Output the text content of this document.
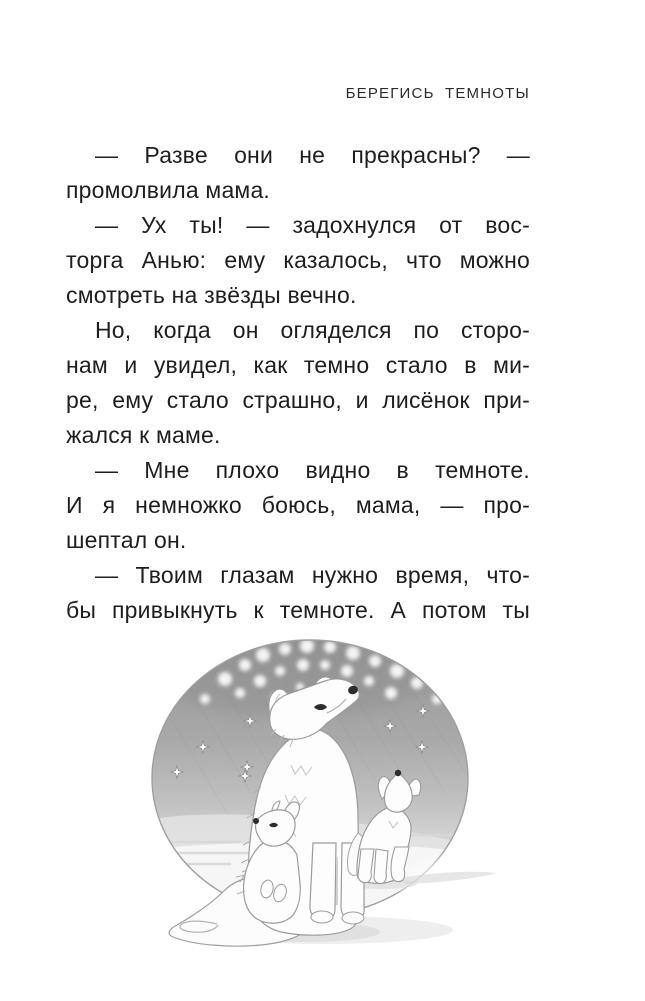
БЕРЕГИСЬ ТЕМНОТЫ
— Разве они не прекрасны? —
промолвила мама.
— Ух ты! — задохнулся от вос-
торга Анью: ему казалось, что можно
смотреть на звёзды вечно.
Но, когда он огляделся по сторо-
нам и увидел, как темно стало в ми-
ре, ему стало страшно, и лисёнок при-
жался к маме.
— Мне плохо видно в темноте.
И я немножко боюсь, мама, — про-
шептал он.
— Твоим глазам нужно время, что-
бы привыкнуть к темноте. А потом ты
